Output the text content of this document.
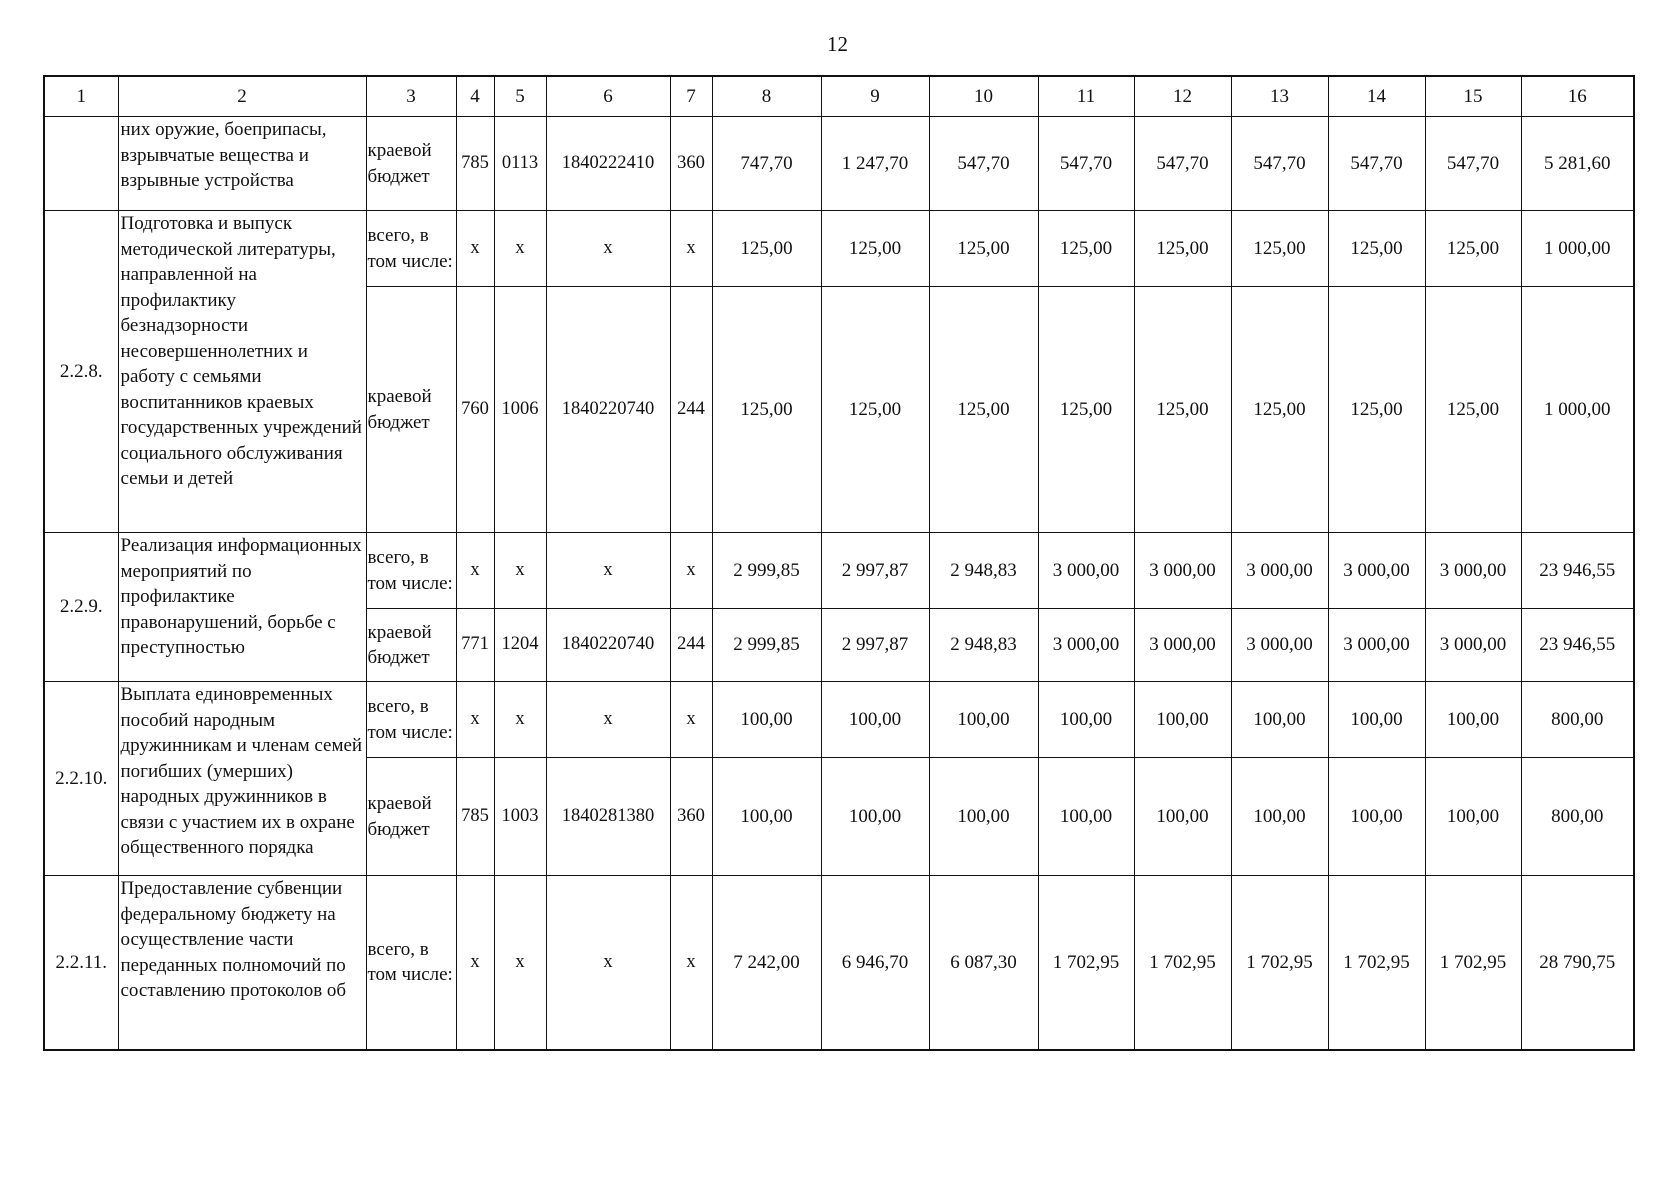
12
1	2	3	4	5	6	7	8	9	10	11	12	13	14	15	16
	них оружие, боеприпасы, взрывчатые вещества и взрывные устройства	краевой бюджет	785	0113	1840222410	360	747,70	1 247,70	547,70	547,70	547,70	547,70	547,70	547,70	5 281,60
2.2.8.	Подготовка и выпуск методической литературы, направленной на профилактику безнадзорности несовершеннолетних и работу с семьями воспитанников краевых государственных учреждений социального обслуживания семьи и детей	всего, в том числе:	x	x	x	x	125,00	125,00	125,00	125,00	125,00	125,00	125,00	125,00	1 000,00
		краевой бюджет	760	1006	1840220740	244	125,00	125,00	125,00	125,00	125,00	125,00	125,00	125,00	1 000,00
2.2.9.	Реализация информационных мероприятий по профилактике правонарушений, борьбе с преступностью	всего, в том числе:	x	x	x	x	2 999,85	2 997,87	2 948,83	3 000,00	3 000,00	3 000,00	3 000,00	3 000,00	23 946,55
		краевой бюджет	771	1204	1840220740	244	2 999,85	2 997,87	2 948,83	3 000,00	3 000,00	3 000,00	3 000,00	3 000,00	23 946,55
2.2.10.	Выплата единовременных пособий народным дружинникам и членам семей погибших (умерших) народных дружинников в связи с участием их в охране общественного порядка	всего, в том числе:	x	x	x	x	100,00	100,00	100,00	100,00	100,00	100,00	100,00	100,00	800,00
		краевой бюджет	785	1003	1840281380	360	100,00	100,00	100,00	100,00	100,00	100,00	100,00	100,00	800,00
2.2.11.	Предоставление субвенции федеральному бюджету на осуществление части переданных полномочий по составлению протоколов об	всего, в том числе:	x	x	x	x	7 242,00	6 946,70	6 087,30	1 702,95	1 702,95	1 702,95	1 702,95	1 702,95	28 790,75
